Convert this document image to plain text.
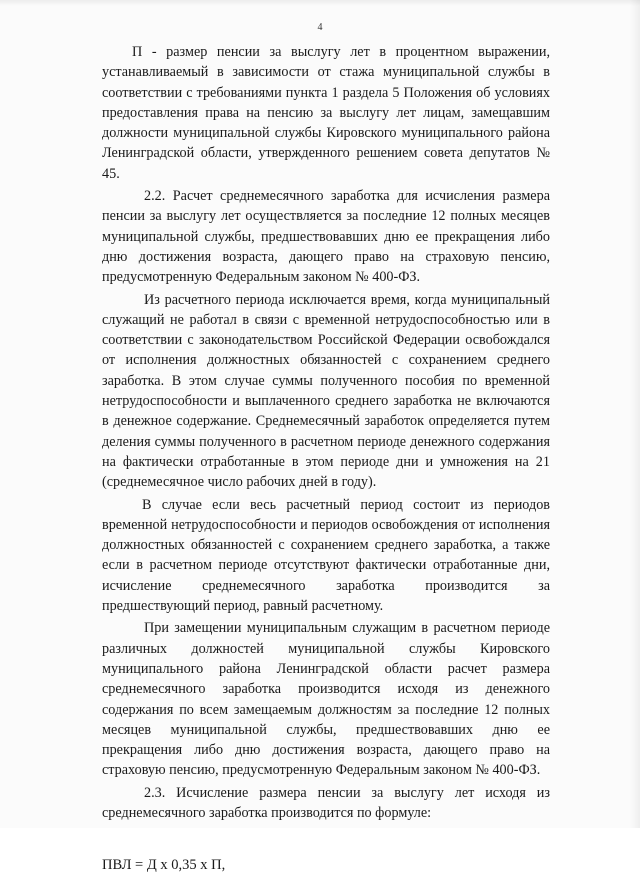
4

П - размер пенсии за выслугу лет в процентном выражении, устанавливаемый в зависимости от стажа муниципальной службы в соответствии с требованиями пункта 1 раздела 5 Положения об условиях предоставления права на пенсию за выслугу лет лицам, замещавшим должности муниципальной службы Кировского муниципального района Ленинградской области, утвержденного решением совета депутатов № 45.

2.2. Расчет среднемесячного заработка для исчисления размера пенсии за выслугу лет осуществляется за последние 12 полных месяцев муниципальной службы, предшествовавших дню ее прекращения либо дню достижения возраста, дающего право на страховую пенсию, предусмотренную Федеральным законом № 400-ФЗ.

Из расчетного периода исключается время, когда муниципальный служащий не работал в связи с временной нетрудоспособностью или в соответствии с законодательством Российской Федерации освобождался от исполнения должностных обязанностей с сохранением среднего заработка. В этом случае суммы полученного пособия по временной нетрудоспособности и выплаченного среднего заработка не включаются в денежное содержание. Среднемесячный заработок определяется путем деления суммы полученного в расчетном периоде денежного содержания на фактически отработанные в этом периоде дни и умножения на 21 (среднемесячное число рабочих дней в году).

В случае если весь расчетный период состоит из периодов временной нетрудоспособности и периодов освобождения от исполнения должностных обязанностей с сохранением среднего заработка, а также если в расчетном периоде отсутствуют фактически отработанные дни, исчисление среднемесячного заработка производится за предшествующий период, равный расчетному.

При замещении муниципальным служащим в расчетном периоде различных должностей муниципальной службы Кировского муниципального района Ленинградской области расчет размера среднемесячного заработка производится исходя из денежного содержания по всем замещаемым должностям за последние 12 полных месяцев муниципальной службы, предшествовавших дню ее прекращения либо дню достижения возраста, дающего право на страховую пенсию, предусмотренную Федеральным законом № 400-ФЗ.

2.3. Исчисление размера пенсии за выслугу лет исходя из среднемесячного заработка производится по формуле:

ПВЛ = Д х 0,35 х П,
